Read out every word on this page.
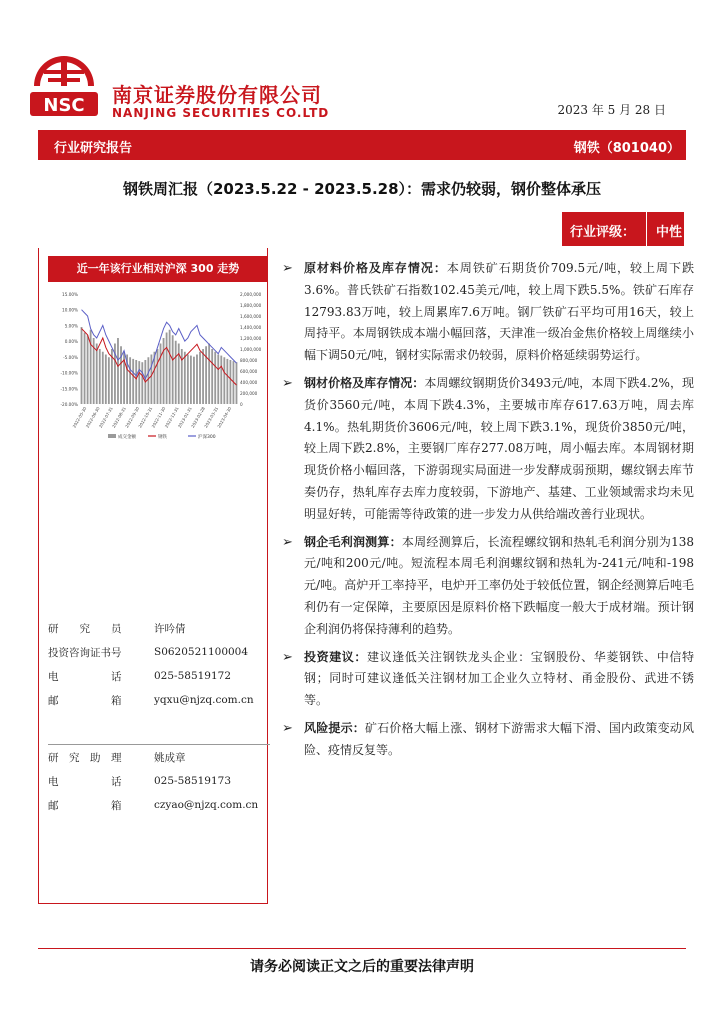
NSC 南京证券股份有限公司
NANJING SECURITIES CO.LTD	2023 年 5 月 28 日
行业研究报告	钢铁（801040）
钢铁周汇报（2023.5.22 - 2023.5.28）：需求仍较弱，钢价整体承压
行业评级： 中性
近一年该行业相对沪深 300 走势
15.00%
10.00%
5.00%
0.00%
-5.00%
-10.00%
-15.00%
-20.00%
2,000,000
1,800,000
1,600,000
1,400,000
1,200,000
1,000,000
800,000
600,000
400,000
200,000
0
2022-05-30
2022-06-30
2022-07-31
2022-08-31
2022-09-30
2022-10-31
2022-11-30
2022-12-31
2023-01-31
2023-02-28
2023-03-31
2023-04-30
成交金额	钢铁	沪深300
研　　究　　员	许吟倩
投资咨询证书号	S0620521100004
电　　　　　话	025-58519172
邮　　　　　箱	yqxu@njzq.com.cn
研　究　助　理	姚成章
电　　　　　话	025-58519173
邮　　　　　箱	czyao@njzq.com.cn
➢ 原材料价格及库存情况：本周铁矿石期货价709.5元/吨，较上周下跌3.6%。普氏铁矿石指数102.45美元/吨，较上周下跌5.5%。铁矿石库存12793.83万吨，较上周累库7.6万吨。钢厂铁矿石平均可用16天，较上周持平。本周钢铁成本端小幅回落，天津准一级冶金焦价格较上周继续小幅下调50元/吨，钢材实际需求仍较弱，原料价格延续弱势运行。
➢ 钢材价格及库存情况：本周螺纹钢期货价3493元/吨，本周下跌4.2%，现货价3560元/吨，本周下跌4.3%，主要城市库存617.63万吨，周去库4.1%。热轧期货价3606元/吨，较上周下跌3.1%，现货价3850元/吨，较上周下跌2.8%，主要钢厂库存277.08万吨，周小幅去库。本周钢材期现货价格小幅回落，下游弱现实局面进一步发酵成弱预期，螺纹钢去库节奏仍存，热轧库存去库力度较弱，下游地产、基建、工业领域需求均未见明显好转，可能需等待政策的进一步发力从供给端改善行业现状。
➢ 钢企毛利润测算：本周经测算后，长流程螺纹钢和热轧毛利润分别为138元/吨和200元/吨。短流程本周毛利润螺纹钢和热轧为-241元/吨和-198元/吨。高炉开工率持平，电炉开工率仍处于较低位置，钢企经测算后吨毛利仍有一定保障，主要原因是原料价格下跌幅度一般大于成材端。预计钢企利润仍将保持薄利的趋势。
➢ 投资建议：建议逢低关注钢铁龙头企业：宝钢股份、华菱钢铁、中信特钢；同时可建议逢低关注钢材加工企业久立特材、甬金股份、武进不锈等。
➢ 风险提示：矿石价格大幅上涨、钢材下游需求大幅下滑、国内政策变动风险、疫情反复等。
请务必阅读正文之后的重要法律声明
